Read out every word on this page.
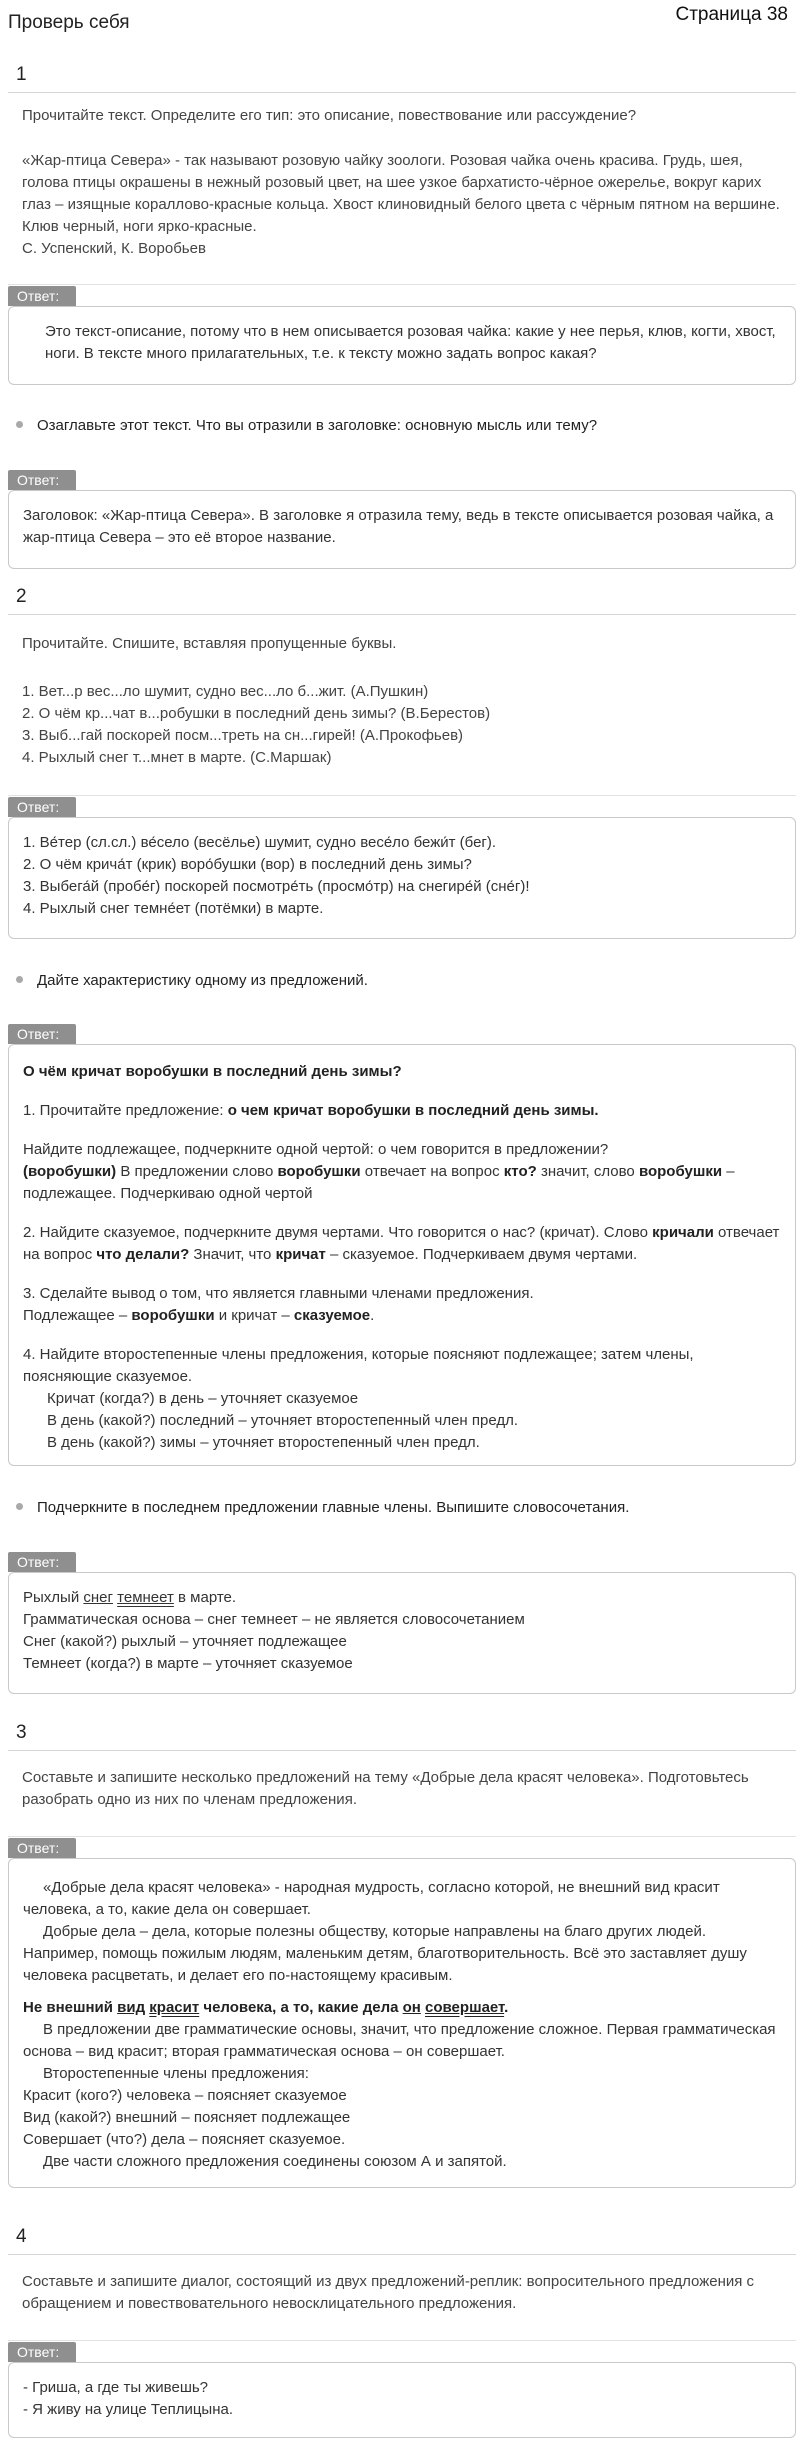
Проверь себя	Страница 38
1

Прочитайте текст. Определите его тип: это описание, повествование или рассуждение?

«Жар-птица Севера» - так называют розовую чайку зоологи. Розовая чайка очень красива. Грудь, шея, голова птицы окрашены в нежный розовый цвет, на шее узкое бархатисто-чёрное ожерелье, вокруг карих глаз – изящные коралловo-красные кольца. Хвост клиновидный белого цвета с чёрным пятном на вершине. Клюв черный, ноги ярко-красные.

С. Успенский, К. Воробьев

Ответ:

Это текст-описание, потому что в нем описывается розовая чайка: какие у нее перья, клюв, когти, хвост, ноги. В тексте много прилагательных, т.е. к тексту можно задать вопрос какая?

Озаглавьте этот текст. Что вы отразили в заголовке: основную мысль или тему?
Ответ:

Заголовок: «Жар-птица Севера». В заголовке я отразила тему, ведь в тексте описывается розовая чайка, а жар-птица Севера – это её второе название.

2

Прочитайте. Спишите, вставляя пропущенные буквы.

1. Вет...р вес...ло шумит, судно вес...ло б...жит. (А.Пушкин)

2. О чём кр...чат в...робушки в последний день зимы? (В.Берестов)

3. Выб...гай поскорей посм...треть на сн...гирей! (А.Прокофьев)

4. Рыхлый снег т...мнет в марте. (С.Маршак)

Ответ:

1. Ве́тер (сл.сл.) ве́село (весёлье) шумит, судно весе́ло бежи́т (бег).

2. О чём крича́т (крик) воро́бушки (вор) в последний день зимы?

3. Выбега́й (пробе́г) поскорей посмотре́ть (просмо́тр) на снегире́й (сне́г)!

4. Рыхлый снег темне́ет (потёмки) в марте.

Дайте характеристику одному из предложений.
Ответ:

О чём кричат воробушки в последний день зимы?

1. Прочитайте предложение: о чем кричат воробушки в последний день зимы.

Найдите подлежащее, подчеркните одной чертой: о чем говорится в предложении?
(воробушки) В предложении слово воробушки отвечает на вопрос кто? значит, слово воробушки – подлежащее. Подчеркиваю одной чертой

2. Найдите сказуемое, подчеркните двумя чертами. Что говорится о нас? (кричат). Слово кричали отвечает на вопрос что делали? Значит, что кричат – сказуемое. Подчеркиваем двумя чертами.

3. Сделайте вывод о том, что является главными членами предложения.

Подлежащее – воробушки и кричат – сказуемое.

4. Найдите второстепенные члены предложения, которые поясняют подлежащее; затем члены, поясняющие сказуемое.

Кричат (когда?) в день – уточняет сказуемое

В день (какой?) последний – уточняет второстепенный член предл.

В день (какой?) зимы – уточняет второстепенный член предл.

Подчеркните в последнем предложении главные члены. Выпишите словосочетания.
Ответ:

Рыхлый снег темнеет в марте.

Грамматическая основа – снег темнеет – не является словосочетанием

Снег (какой?) рыхлый – уточняет подлежащее

Темнеет (когда?) в марте – уточняет сказуемое

3

Составьте и запишите несколько предложений на тему «Добрые дела красят человека». Подготовьтесь разобрать одно из них по членам предложения.

Ответ:

«Добрые дела красят человека» - народная мудрость, согласно которой, не внешний вид красит человека, а то, какие дела он совершает.

Добрые дела – дела, которые полезны обществу, которые направлены на благо других людей. Например, помощь пожилым людям, маленьким детям, благотворительность. Всё это заставляет душу человека расцветать, и делает его по-настоящему красивым.

Не внешний вид красит человека, а то, какие дела он совершает.

В предложении две грамматические основы, значит, что предложение сложное. Первая грамматическая основа – вид красит; вторая грамматическая основа – он совершает.

Второстепенные члены предложения:

Красит (кого?) человека – поясняет сказуемое

Вид (какой?) внешний – поясняет подлежащее

Совершает (что?) дела – поясняет сказуемое.

Две части сложного предложения соединены союзом А и запятой.

4

Составьте и запишите диалог, состоящий из двух предложений-реплик: вопросительного предложения с обращением и повествовательного невосклицательного предложения.

Ответ:

- Гриша, а где ты живешь?

- Я живу на улице Теплицына.
